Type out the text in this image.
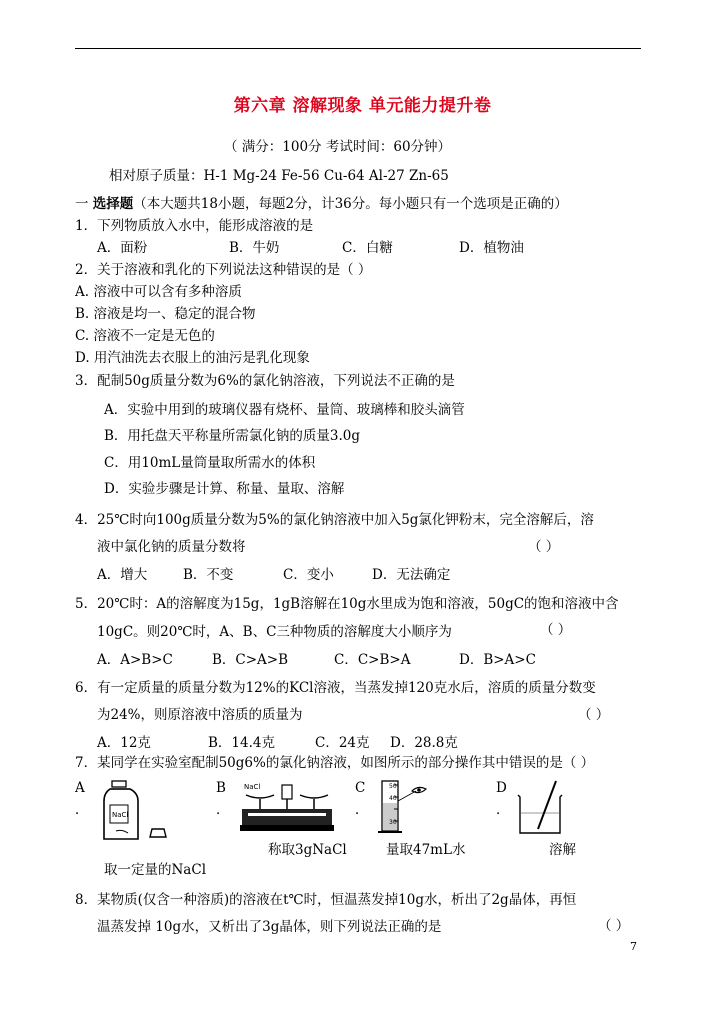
第六章 溶解现象 单元能力提升卷
（ 满分：100分 考试时间：60分钟）
相对原子质量：H-1 Mg-24 Fe-56 Cu-64 Al-27 Zn-65
一 选择题（本大题共18小题，每题2分，计36分。每小题只有一个选项是正确的）
1．下列物质放入水中，能形成溶液的是
A．面粉	B．牛奶	C．白糖	D．植物油
2．关于溶液和乳化的下列说法这种错误的是（ ）
A. 溶液中可以含有多种溶质
B. 溶液是均一、稳定的混合物
C. 溶液不一定是无色的
D. 用汽油洗去衣服上的油污是乳化现象
3．配制50g质量分数为6%的氯化钠溶液，下列说法不正确的是
A．实验中用到的玻璃仪器有烧杯、量筒、玻璃棒和胶头滴管
B．用托盘天平称量所需氯化钠的质量3.0g
C．用10mL量筒量取所需水的体积
D．实验步骤是计算、称量、量取、溶解
4．25℃时向100g质量分数为5%的氯化钠溶液中加入5g氯化钾粉末，完全溶解后，溶
液中氯化钠的质量分数将	（ ）
A．增大	B．不变	C．变小	D．无法确定
5．20℃时：A的溶解度为15g，1gB溶解在10g水里成为饱和溶液，50gC的饱和溶液中含
10gC。则20℃时，A、B、C三种物质的溶解度大小顺序为	（ ）
A．A>B>C	B．C>A>B	C．C>B>A	D．B>A>C
6．有一定质量的质量分数为12%的KCl溶液，当蒸发掉120克水后，溶质的质量分数变
为24%，则原溶液中溶质的质量为	（ ）
A．12克	B．14.4克	C．24克 D．28.8克
7．某同学在实验室配制50g6%的氯化钠溶液，如图所示的部分操作其中错误的是（ ）
A
．
B
．
C
．
D
．
NaCl
NaCl	50
40
30
取一定量的NaCl
称取3gNaCl	量取47mL水	溶解
8．某物质(仅含一种溶质)的溶液在t℃时，恒温蒸发掉10g水，析出了2g晶体，再恒
温蒸发掉 10g水，又析出了3g晶体，则下列说法正确的是	（ ）
7
